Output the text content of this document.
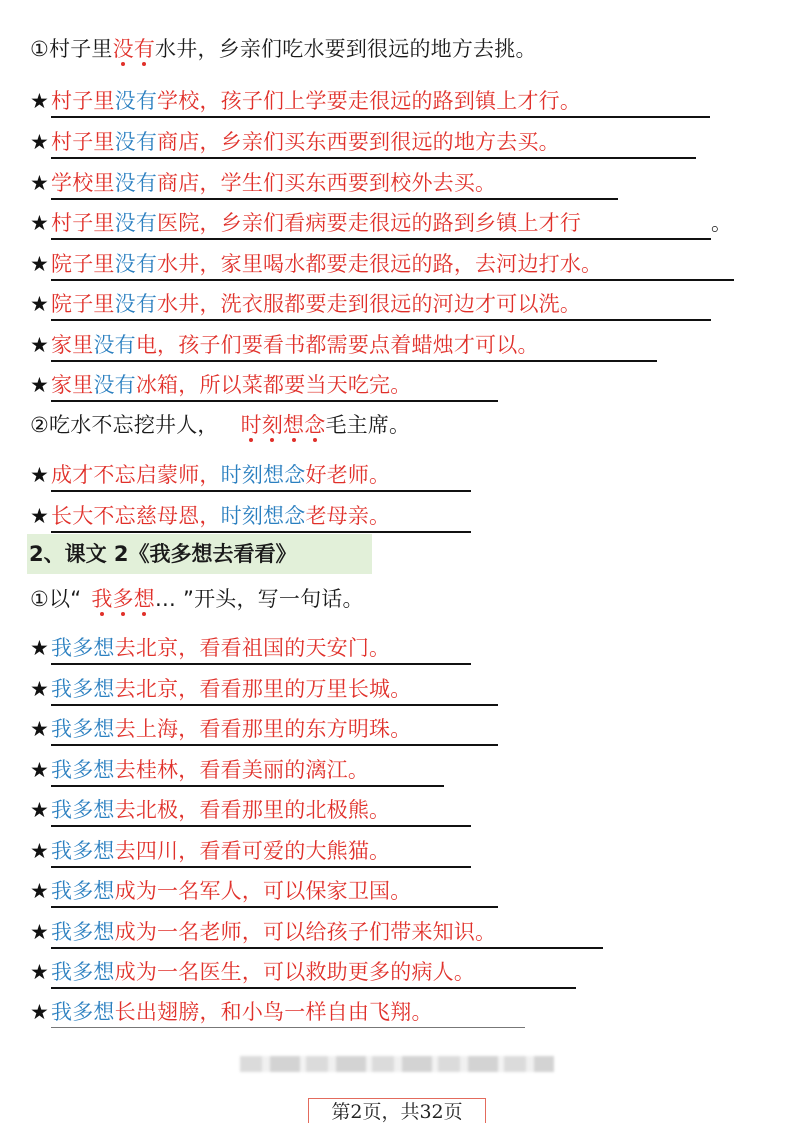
①村子里没有水井，乡亲们吃水要到很远的地方去挑。
★村子里没有学校，孩子们上学要走很远的路到镇上才行。
★村子里没有商店，乡亲们买东西要到很远的地方去买。
★学校里没有商店，学生们买东西要到校外去买。
★村子里没有医院，乡亲们看病要走很远的路到乡镇上才行	。
★院子里没有水井，家里喝水都要走很远的路，去河边打水。
★院子里没有水井，洗衣服都要走到很远的河边才可以洗。
★家里没有电，孩子们要看书都需要点着蜡烛才可以。
★家里没有冰箱，所以菜都要当天吃完。
②吃水不忘挖井人， 时刻想念毛主席。
★成才不忘启蒙师，时刻想念好老师。
★长大不忘慈母恩，时刻想念老母亲。
2、课文 2《我多想去看看》
①以“ 我多想… ”开头，写一句话。
★我多想去北京，看看祖国的天安门。
★我多想去北京，看看那里的万里长城。
★我多想去上海，看看那里的东方明珠。
★我多想去桂林，看看美丽的漓江。
★我多想去北极，看看那里的北极熊。
★我多想去四川，看看可爱的大熊猫。
★我多想成为一名军人，可以保家卫国。
★我多想成为一名老师，可以给孩子们带来知识。
★我多想成为一名医生，可以救助更多的病人。
★我多想长出翅膀，和小鸟一样自由飞翔。
第2页，共32页
